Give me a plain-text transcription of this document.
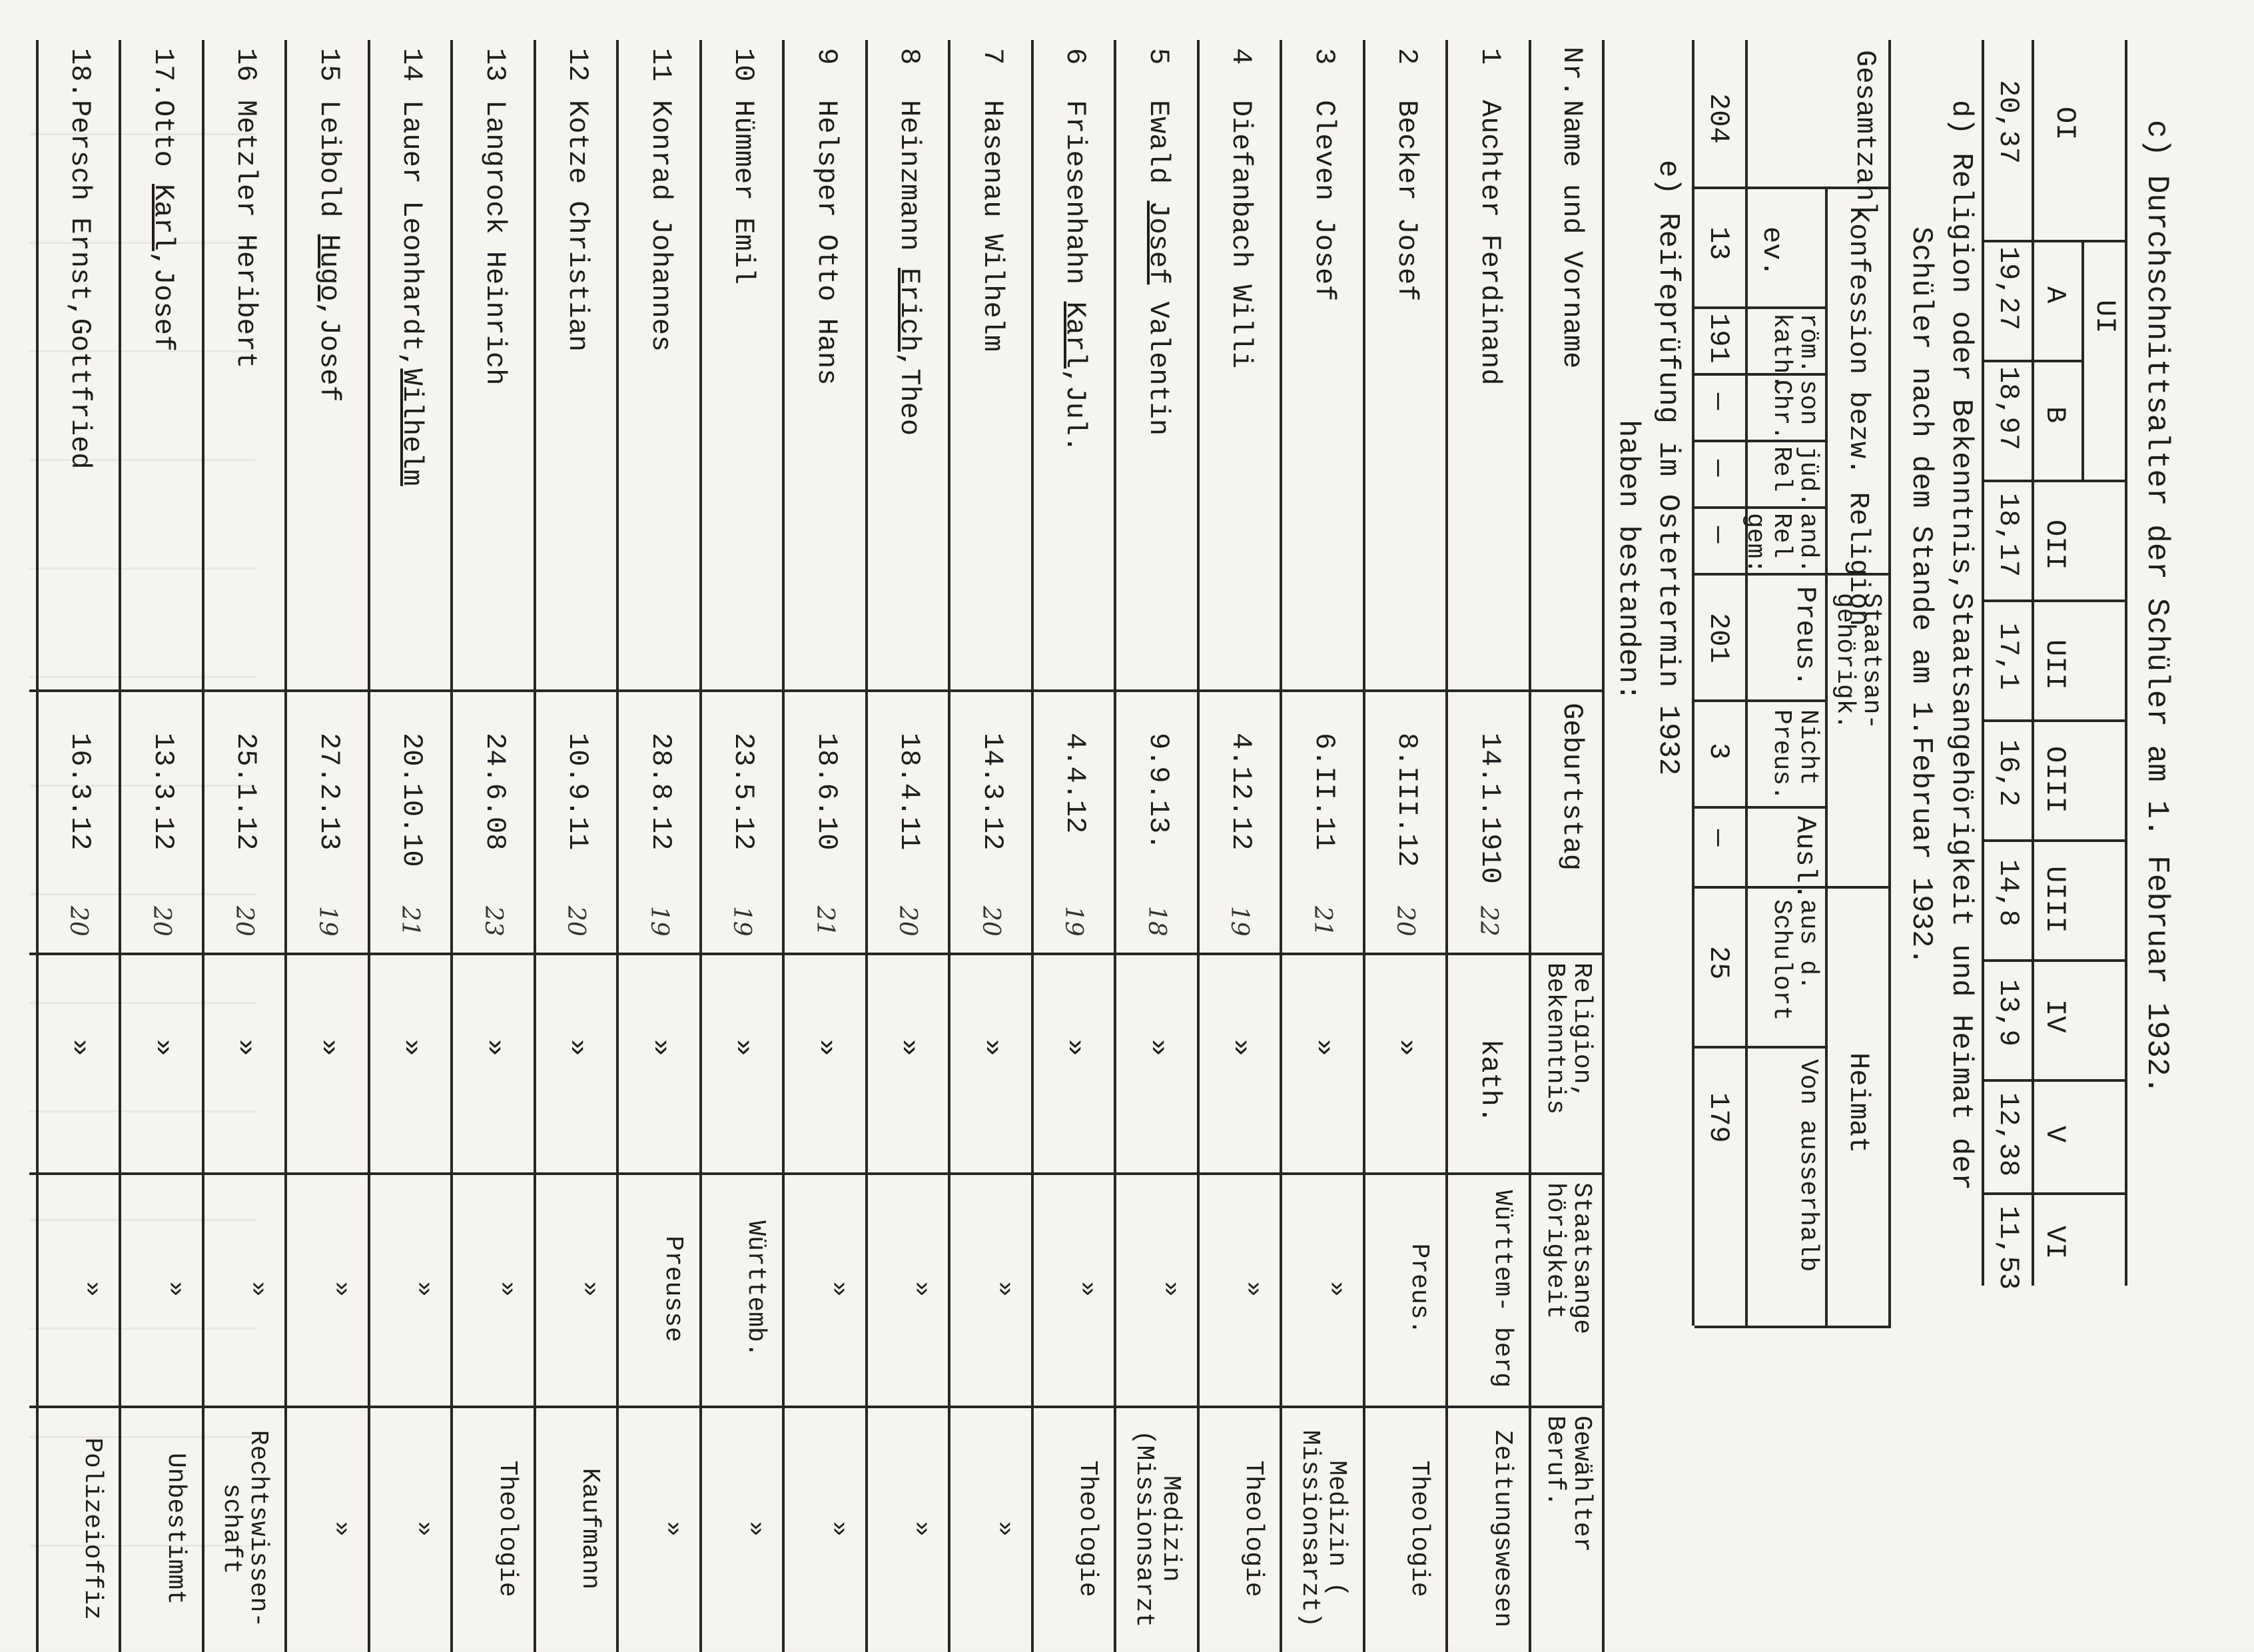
c) Durchschnittsalter der Schüler am 1. Februar 1932.
UI
OI
A
B
OII
UII
OIII
UIII
IV
V
VI
20,37
19,27
18,97
18,17
17,1
16,2
14,8
13,9
12,38
11,53
d) Religion oder Bekenntnis,Staatsangehörigkeit und Heimat der
Schüler nach dem Stande am 1.Februar 1932.
Konfession bezw. Religion
Staatsan- gehörigk.
Heimat
Gesamtzahl
ev.
röm. kath.
son Chr.
jüd. Rel
and. Rel gem:
Preus.
Nicht Preus.
Ausl.
aus d. Schulort
Von ausserhalb
204
13
191
—
—
—
201
3
—
25
179
e) Reifeprüfung im Ostertermin 1932
haben bestanden:
Nr.
Name und Vorname
Geburtstag
Religion, Bekenntnis
Staatsange hörigkeit
Gewählter Beruf.
1
Auchter Ferdinand
14.1.1910
22
kath.
Württem- berg
Zeitungswesen
2
Becker Josef
8.III.12
20
»
Preus.
Theologie
3
Cleven Josef
6.II.11
21
»
»
Medizin ( Missionsarzt)
4
Diefanbach Willi
4.12.12
19
»
»
Theologie
5
Ewald Josef Valentin
9.9.13.
18
»
»
Medizin (Missionsarzt
6
Friesenhahn Karl,Jul.
4.4.12
19
»
»
Theologie
7
Hasenau Wilhelm
14.3.12
20
»
»
»
8
Heinzmann Erich,Theo
18.4.11
20
»
»
»
9
Helsper Otto Hans
18.6.10
21
»
»
»
10
Hümmer Emil
23.5.12
19
»
Württemb.
»
11
Konrad Johannes
28.8.12
19
»
Preusse
»
12
Kotze Christian
10.9.11
20
»
»
Kaufmann
13
Langrock Heinrich
24.6.08
23
»
»
Theologie
14
Lauer Leonhardt,Wilhelm
20.10.10
21
»
»
»
15
Leibold Hugo,Josef
27.2.13
19
»
»
»
16
Metzler Heribert
25.1.12
20
»
»
Rechtswissen- schaft
17.
Otto Karl,Josef
13.3.12
20
»
»
Unbestimmt
18.
Persch Ernst,Gottfried
16.3.12
20
»
»
Polizeioffiz
